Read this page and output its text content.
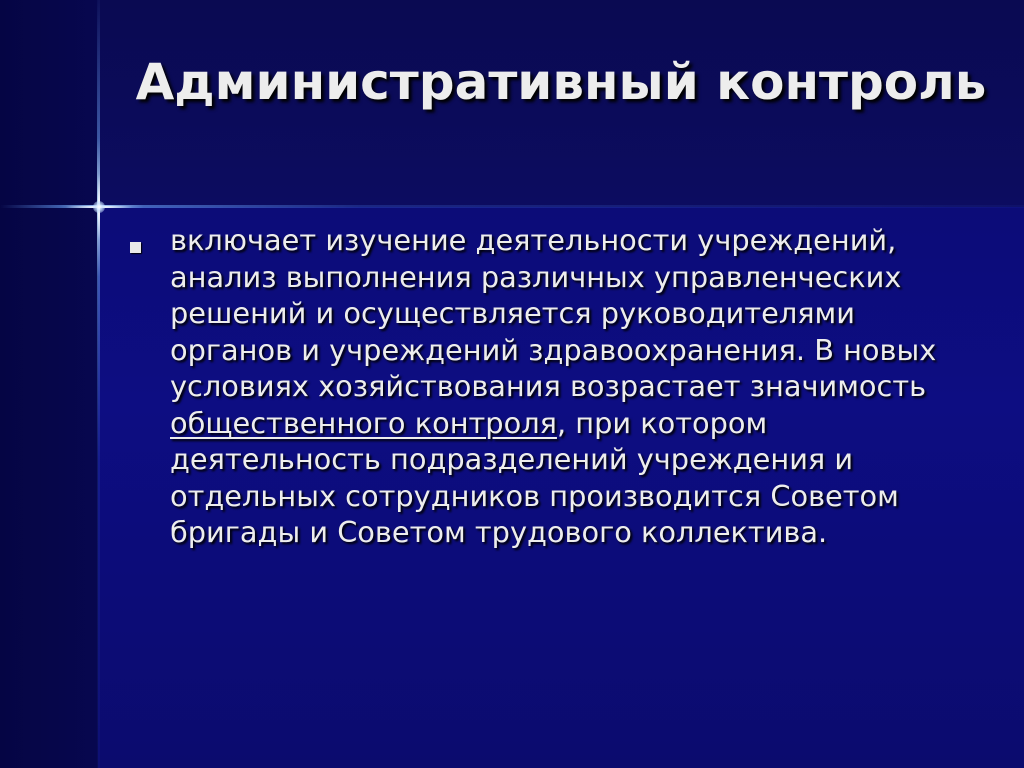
Административный контроль

включает изучение деятельности учреждений, анализ выполнения различных управленческих решений и осуществляется руководителями органов и учреждений здравоохранения. В новых условиях хозяйствования возрастает значимость общественного контроля, при котором деятельность подразделений учреждения и отдельных сотрудников производится Советом бригады и Советом трудового коллектива.
